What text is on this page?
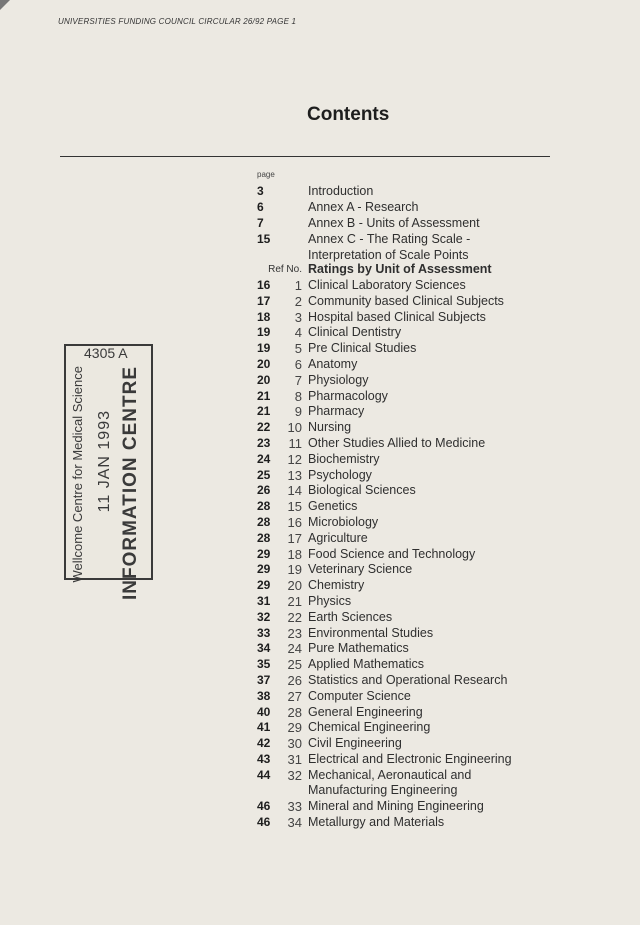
UNIVERSITIES FUNDING COUNCIL CIRCULAR 26/92 PAGE 1
Contents
page
3	Introduction
6	Annex A - Research
7	Annex B - Units of Assessment
15	Annex C - The Rating Scale - Interpretation of Scale Points
Ref No. Ratings by Unit of Assessment
16	1 Clinical Laboratory Sciences
17	2 Community based Clinical Subjects
18	3 Hospital based Clinical Subjects
19	4 Clinical Dentistry
19	5 Pre Clinical Studies
20	6 Anatomy
20	7 Physiology
21	8 Pharmacology
21	9 Pharmacy
22	10 Nursing
23	11 Other Studies Allied to Medicine
24	12 Biochemistry
25	13 Psychology
26	14 Biological Sciences
28	15 Genetics
28	16 Microbiology
28	17 Agriculture
29	18 Food Science and Technology
29	19 Veterinary Science
29	20 Chemistry
31	21 Physics
32	22 Earth Sciences
33	23 Environmental Studies
34	24 Pure Mathematics
35	25 Applied Mathematics
37	26 Statistics and Operational Research
38	27 Computer Science
40	28 General Engineering
41	29 Chemical Engineering
42	30 Civil Engineering
43	31 Electrical and Electronic Engineering
44	32 Mechanical, Aeronautical and Manufacturing Engineering
46	33 Mineral and Mining Engineering
46	34 Metallurgy and Materials
4305 A
Wellcome Centre for Medical Science 11 JAN 1993 INFORMATION CENTRE
